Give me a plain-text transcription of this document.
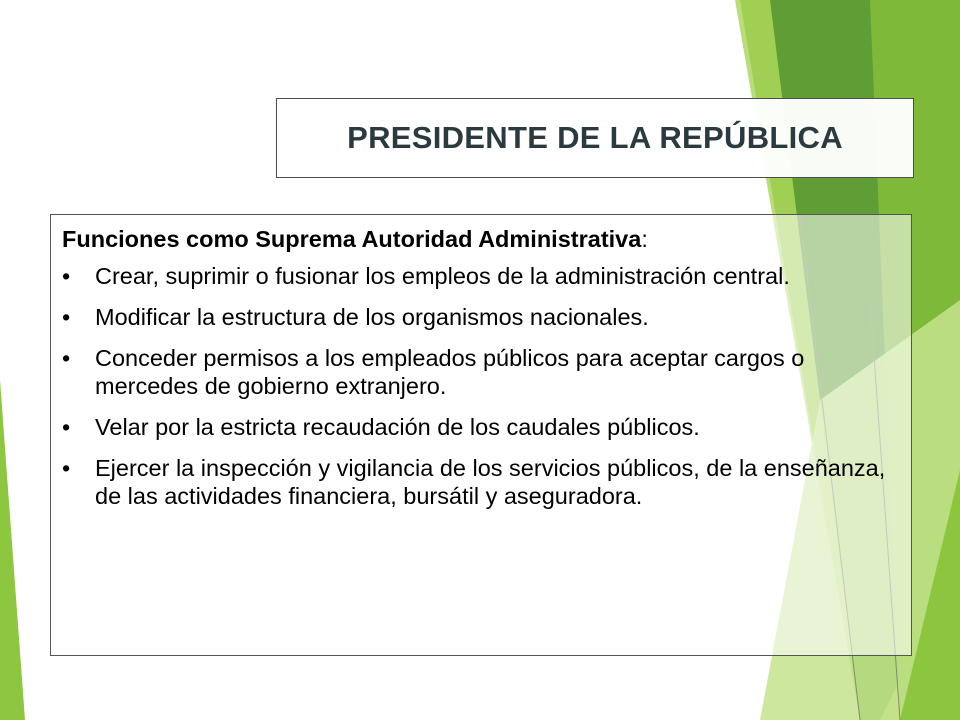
PRESIDENTE DE LA REPÚBLICA
Funciones como Suprema Autoridad Administrativa:
• Crear, suprimir o fusionar los empleos de la administración central.
• Modificar la estructura de los organismos nacionales.
• Conceder permisos a los empleados públicos para aceptar cargos o mercedes de gobierno extranjero.
• Velar por la estricta recaudación de los caudales públicos.
• Ejercer la inspección y vigilancia de los servicios públicos, de la enseñanza, de las actividades financiera, bursátil y aseguradora.
